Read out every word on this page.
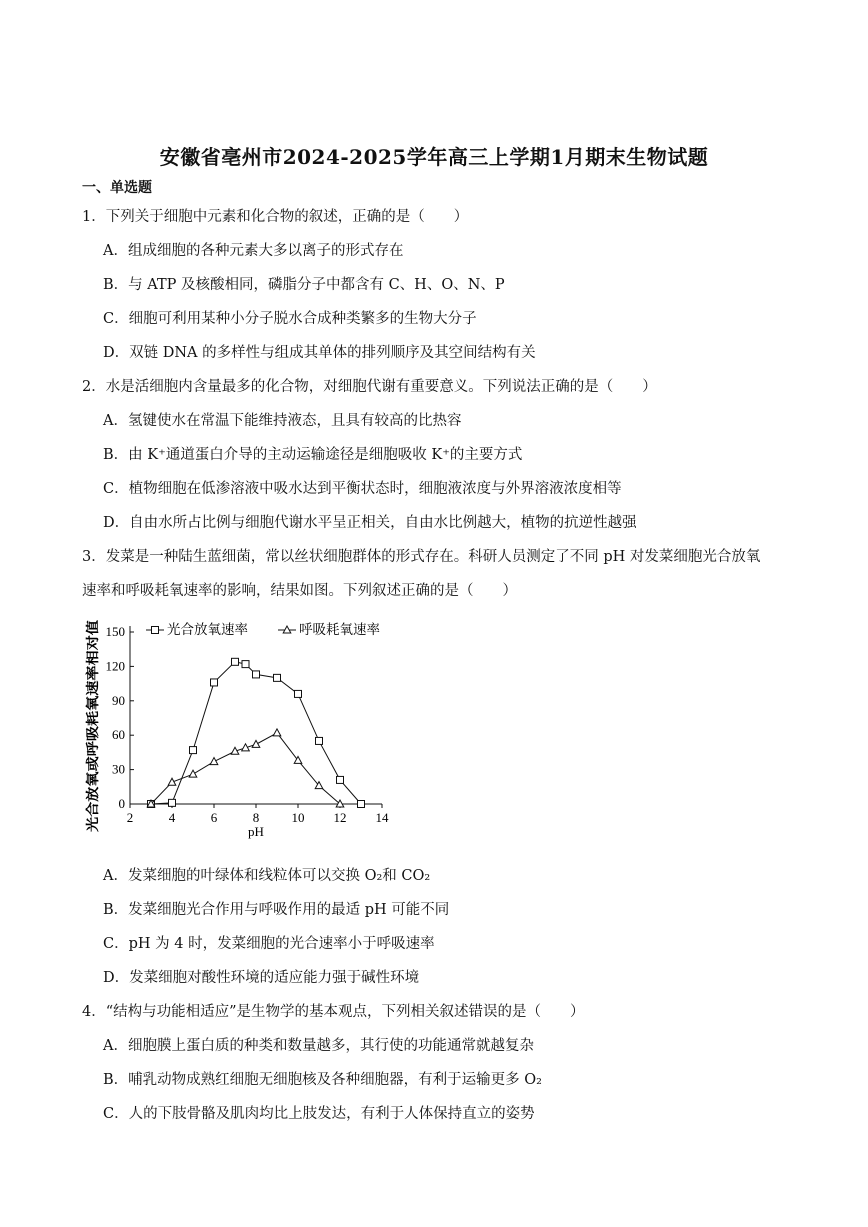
安徽省亳州市2024-2025学年高三上学期1月期末生物试题
一、单选题
1．下列关于细胞中元素和化合物的叙述，正确的是（　　）
A．组成细胞的各种元素大多以离子的形式存在
B．与 ATP 及核酸相同，磷脂分子中都含有 C、H、O、N、P
C．细胞可利用某种小分子脱水合成种类繁多的生物大分子
D．双链 DNA 的多样性与组成其单体的排列顺序及其空间结构有关
2．水是活细胞内含量最多的化合物，对细胞代谢有重要意义。下列说法正确的是（　　）
A．氢键使水在常温下能维持液态，且具有较高的比热容
B．由 K⁺通道蛋白介导的主动运输途径是细胞吸收 K⁺的主要方式
C．植物细胞在低渗溶液中吸水达到平衡状态时，细胞液浓度与外界溶液浓度相等
D．自由水所占比例与细胞代谢水平呈正相关，自由水比例越大，植物的抗逆性越强
3．发菜是一种陆生蓝细菌，常以丝状细胞群体的形式存在。科研人员测定了不同 pH 对发菜细胞光合放氧
速率和呼吸耗氧速率的影响，结果如图。下列叙述正确的是（　　）
2	4	6	8 10 12 14
0
30
60
90
120
150
pH
光合放氧或呼吸耗氧速率相对值
光合放氧速率	呼吸耗氧速率
A．发菜细胞的叶绿体和线粒体可以交换 O₂和 CO₂
B．发菜细胞光合作用与呼吸作用的最适 pH 可能不同
C．pH 为 4 时，发菜细胞的光合速率小于呼吸速率
D．发菜细胞对酸性环境的适应能力强于碱性环境
4．“结构与功能相适应”是生物学的基本观点，下列相关叙述错误的是（　　）
A．细胞膜上蛋白质的种类和数量越多，其行使的功能通常就越复杂
B．哺乳动物成熟红细胞无细胞核及各种细胞器，有利于运输更多 O₂
C．人的下肢骨骼及肌肉均比上肢发达，有利于人体保持直立的姿势
